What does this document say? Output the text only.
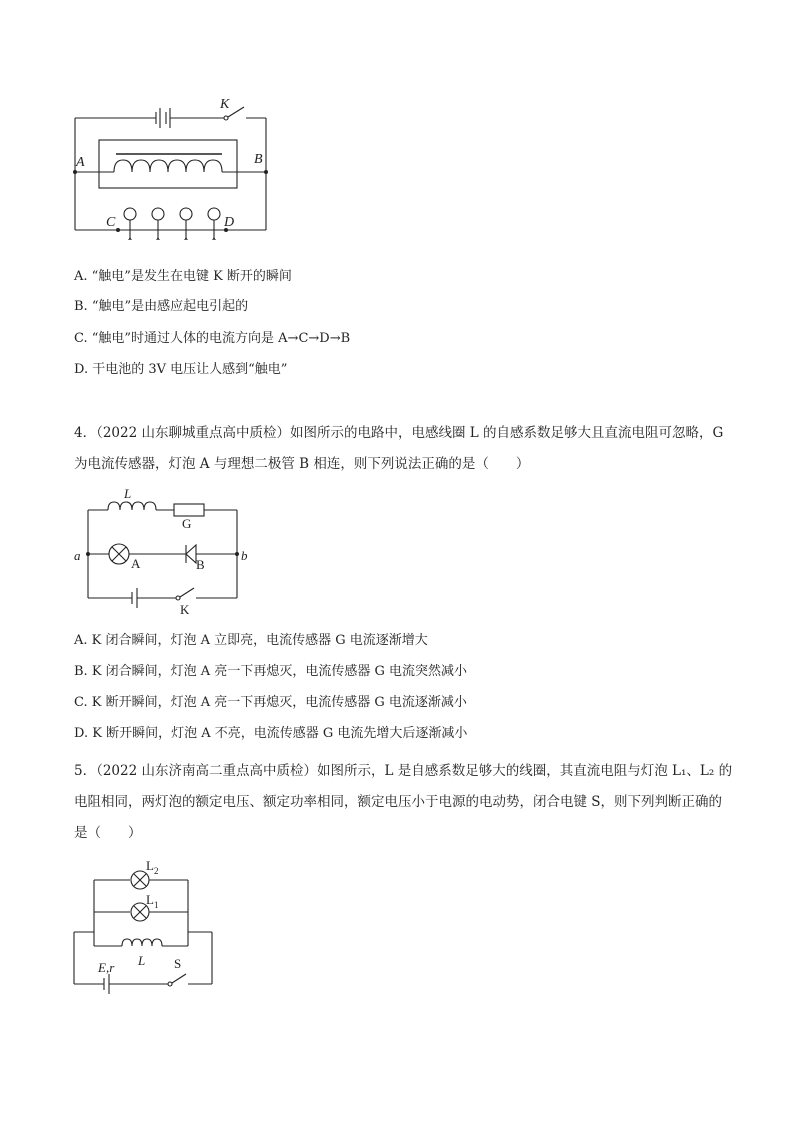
K
A	B
C	D
A. “触电”是发生在电键 K 断开的瞬间
B. “触电”是由感应起电引起的
C. “触电”时通过人体的电流方向是 A→C→D→B
D. 干电池的 3V 电压让人感到“触电”
4．（2022 山东聊城重点高中质检）如图所示的电路中，电感线圈 L 的自感系数足够大且直流电阻可忽略，G 为电流传感器，灯泡 A 与理想二极管 B 相连，则下列说法正确的是（　　）
L
G
a	b
A	B
K
A. K 闭合瞬间，灯泡 A 立即亮，电流传感器 G 电流逐渐增大
B. K 闭合瞬间，灯泡 A 亮一下再熄灭，电流传感器 G 电流突然减小
C. K 断开瞬间，灯泡 A 亮一下再熄灭，电流传感器 G 电流逐渐减小
D. K 断开瞬间，灯泡 A 不亮，电流传感器 G 电流先增大后逐渐减小
5．（2022 山东济南高二重点高中质检）如图所示，L 是自感系数足够大的线圈，其直流电阻与灯泡 L₁、L₂ 的电阻相同，两灯泡的额定电压、额定功率相同，额定电压小于电源的电动势，闭合电键 S，则下列判断正确的是（　　）
L 2
L 1
L
E,r	S
